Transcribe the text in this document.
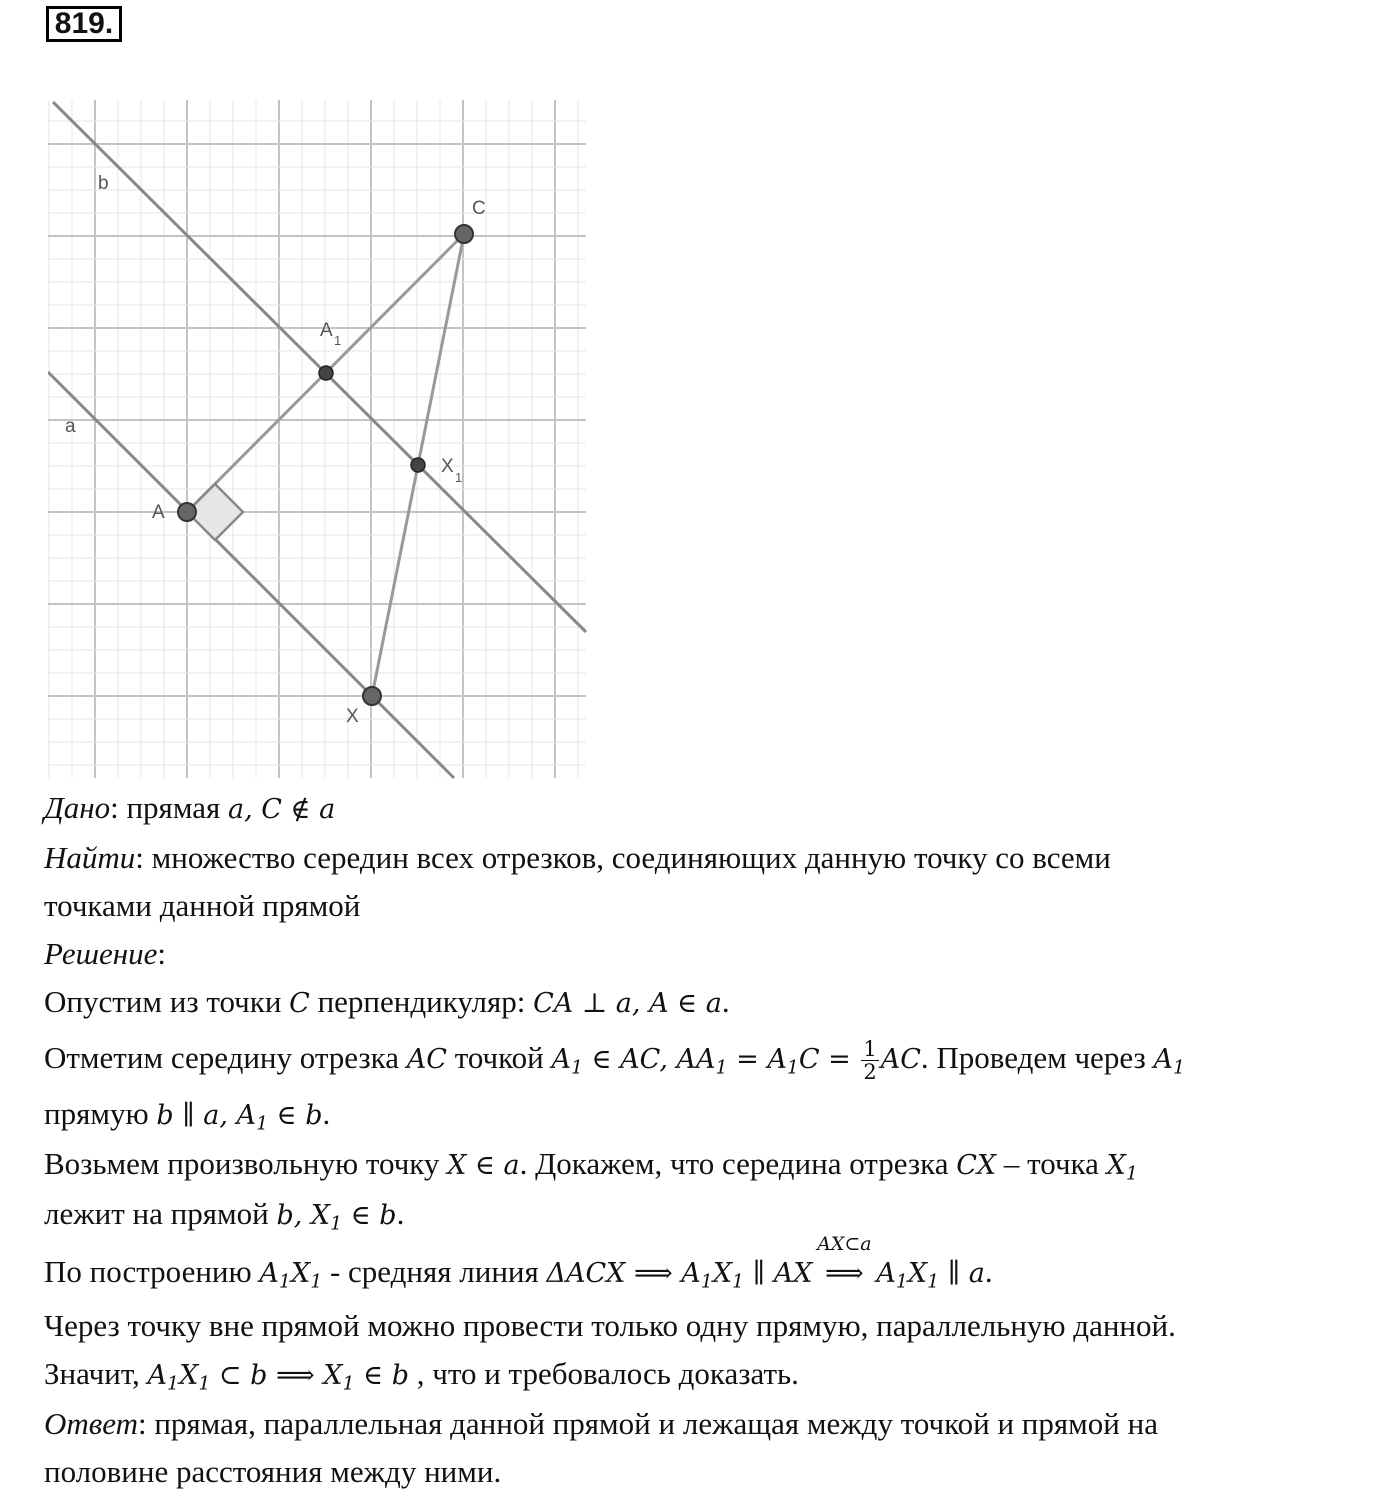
819.
b
a
C
A 1
X
1
A
X
Дано: прямая a, C ∉ a
Найти: множество середин всех отрезков, соединяющих данную точку со всеми
точками данной прямой
Решение:
Опустим из точки C перпендикуляр: CA ⊥ a, A ∈ a.
Отметим середину отрезка AC точкой $A_1$ ∈ AC, $AA_1 = A_1C = \frac{1}{2}$ AC. Проведем через $A_1$
прямую b ∥ a, $A_1$ ∈ b.
Возьмем произвольную точку X ∈ a. Докажем, что середина отрезка CX – точка $X_1$
лежит на прямой b, $X_1$ ∈ b.
По построению $A_1X_1$ - средняя линия ΔACX ⟹ $A_1X_1$ ∥ AX
AX⊂a
⟹ $A_1X_1$ ∥ a.
Через точку вне прямой можно провести только одну прямую, параллельную данной.
Значит, $A_1X_1$ ⊂ b ⟹ $X_1$ ∈ b , что и требовалось доказать.
Ответ: прямая, параллельная данной прямой и лежащая между точкой и прямой на
половине расстояния между ними.
